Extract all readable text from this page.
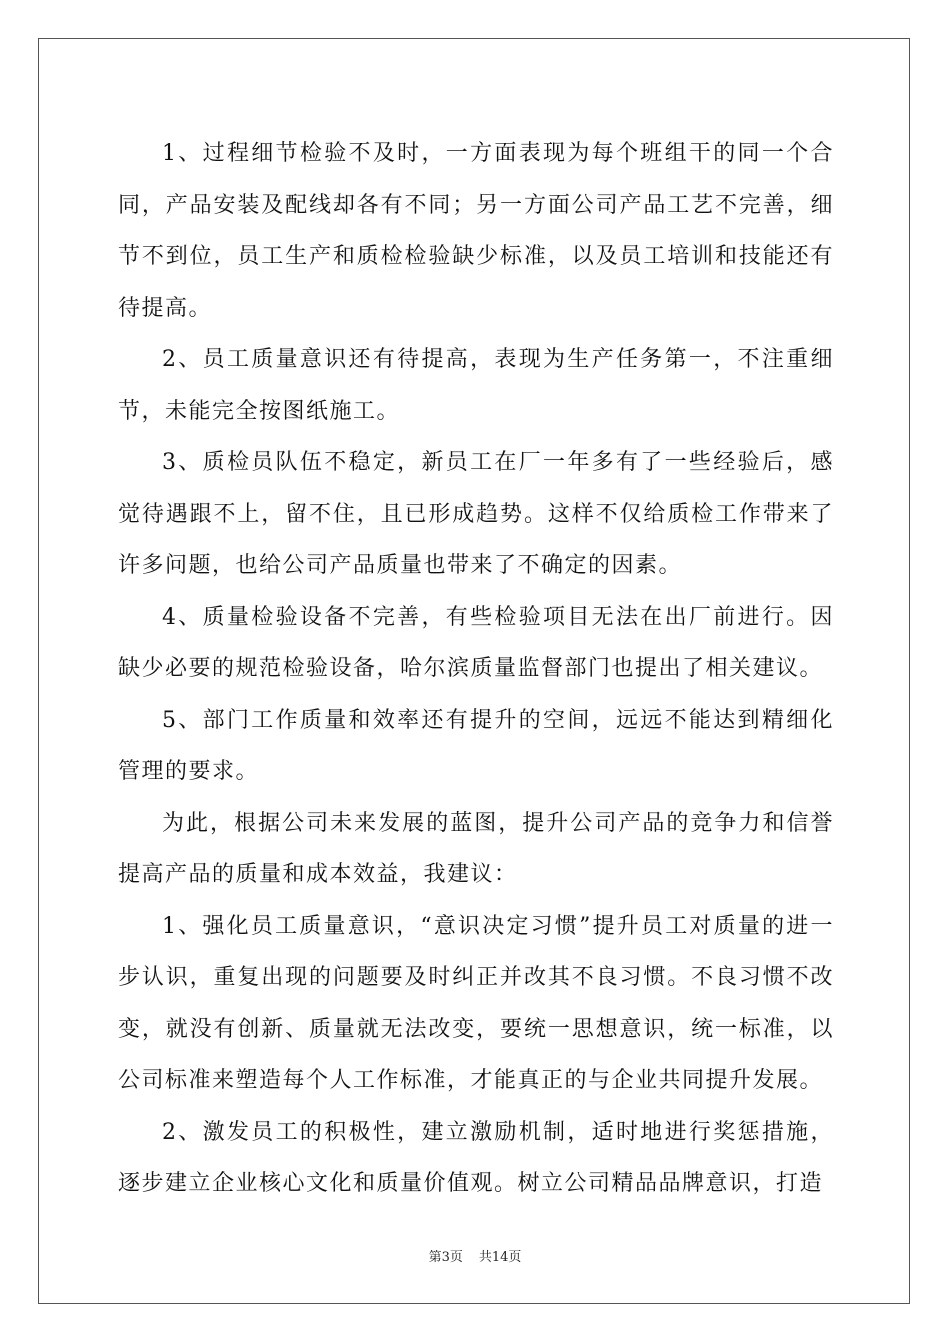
1、过程细节检验不及时，一方面表现为每个班组干的同一个合同，产品安装及配线却各有不同；另一方面公司产品工艺不完善，细节不到位，员工生产和质检检验缺少标准，以及员工培训和技能还有待提高。

2、员工质量意识还有待提高，表现为生产任务第一，不注重细节，未能完全按图纸施工。

3、质检员队伍不稳定，新员工在厂一年多有了一些经验后，感觉待遇跟不上，留不住，且已形成趋势。这样不仅给质检工作带来了许多问题，也给公司产品质量也带来了不确定的因素。

4、质量检验设备不完善，有些检验项目无法在出厂前进行。因缺少必要的规范检验设备，哈尔滨质量监督部门也提出了相关建议。

5、部门工作质量和效率还有提升的空间，远远不能达到精细化管理的要求。

为此，根据公司未来发展的蓝图，提升公司产品的竞争力和信誉提高产品的质量和成本效益，我建议：

1、强化员工质量意识，“意识决定习惯”提升员工对质量的进一步认识，重复出现的问题要及时纠正并改其不良习惯。不良习惯不改变，就没有创新、质量就无法改变，要统一思想意识，统一标准，以公司标准来塑造每个人工作标准，才能真正的与企业共同提升发展。

2、激发员工的积极性，建立激励机制，适时地进行奖惩措施，逐步建立企业核心文化和质量价值观。树立公司精品品牌意识，打造

第3页 共14页
